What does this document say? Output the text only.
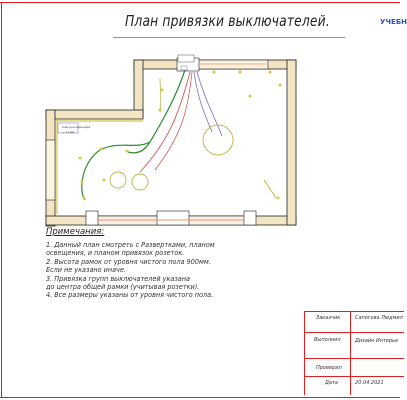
План привязки выключателей.	УЧЕБН
Клик для ориентира
— 1 клик
Примечания:
1. Данный план смотреть с Развертками, планом
освещения, и планом привязок розеток.
2. Высота рамок от уровня чистого пола 900мм.
Если не указано иначе.
3. Привязка групп выключателей указана
до центра общей рамки (учитывая розетки).
4. Все размеры указаны от уровня чистого пола.
Заказчик	Сапогова Людмил
Выполнил	Дизайн Интерье
Проверил
Дата	20.04.2021
